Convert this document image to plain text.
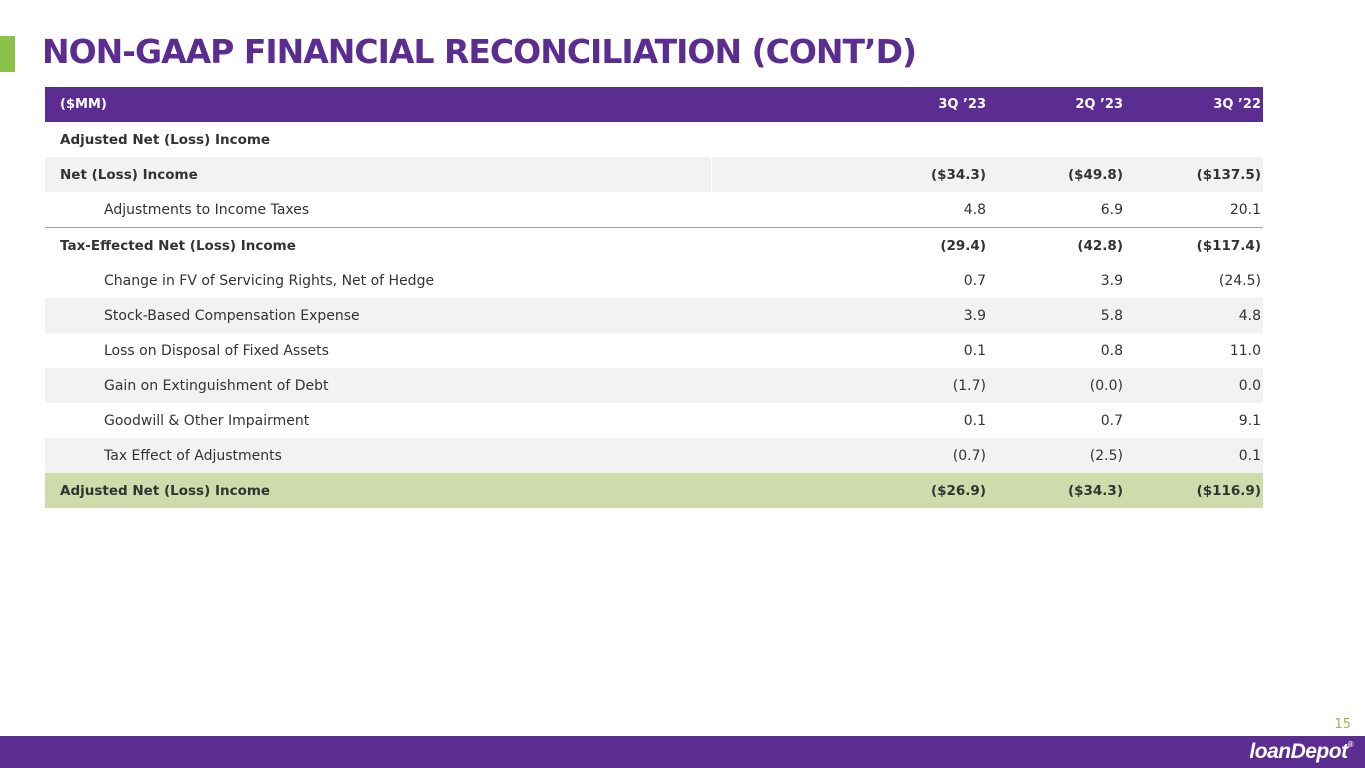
NON-GAAP FINANCIAL RECONCILIATION (CONT’D)
($MM)		3Q ’23	2Q ’23	3Q ’22
Adjusted Net (Loss) Income				
Net (Loss) Income		($34.3)	($49.8)	($137.5)
Adjustments to Income Taxes		4.8	6.9	20.1
Tax-Effected Net (Loss) Income		(29.4)	(42.8)	($117.4)
Change in FV of Servicing Rights, Net of Hedge		0.7	3.9	(24.5)
Stock-Based Compensation Expense		3.9	5.8	4.8
Loss on Disposal of Fixed Assets		0.1	0.8	11.0
Gain on Extinguishment of Debt		(1.7)	(0.0)	0.0
Goodwill & Other Impairment		0.1	0.7	9.1
Tax Effect of Adjustments		(0.7)	(2.5)	0.1
Adjusted Net (Loss) Income		($26.9)	($34.3)	($116.9)
15
loanDepot®
